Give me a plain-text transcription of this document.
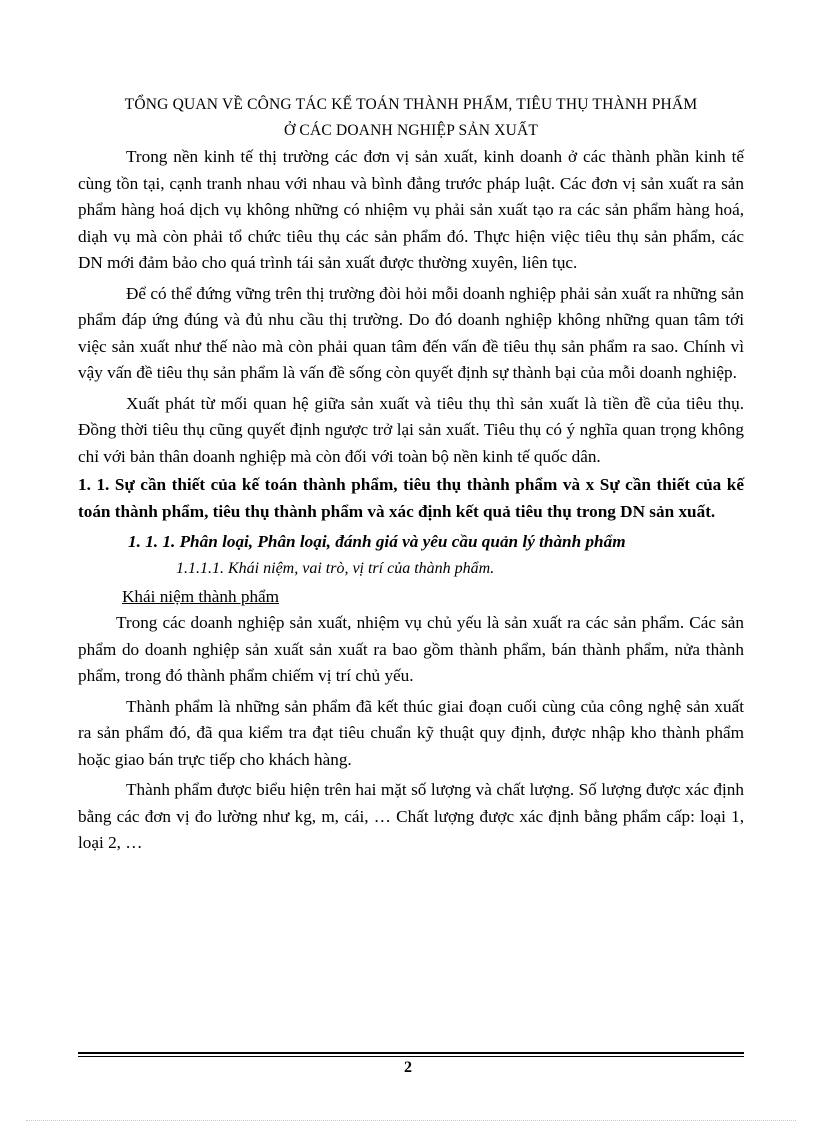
TỔNG QUAN VỀ CÔNG TÁC KẾ TOÁN THÀNH PHẨM, TIÊU THỤ THÀNH PHẨM

Ở CÁC DOANH NGHIỆP SẢN XUẤT

Trong nền kinh tế thị trường các đơn vị sản xuất, kinh doanh ở các thành phần kinh tế cùng tồn tại, cạnh tranh nhau với nhau và bình đẳng trước pháp luật. Các đơn vị sản xuất ra sản phẩm hàng hoá dịch vụ không những có nhiệm vụ phải sản xuất tạo ra các sản phẩm hàng hoá, diạh vụ mà còn phải tổ chức tiêu thụ các sản phẩm đó. Thực hiện việc tiêu thụ sản phẩm, các DN mới đảm bảo cho quá trình tái sản xuất được thường xuyên, liên tục.

Để có thể đứng vững trên thị trường đòi hỏi mỗi doanh nghiệp phải sản xuất ra những sản phẩm đáp ứng đúng và đủ nhu cầu thị trường. Do đó doanh nghiệp không những quan tâm tới việc sản xuất như thế nào mà còn phải quan tâm đến vấn đề tiêu thụ sản phẩm ra sao. Chính vì vậy vấn đề tiêu thụ sản phẩm là vấn đề sống còn quyết định sự thành bại của mỗi doanh nghiệp.

Xuất phát từ mối quan hệ giữa sản xuất và tiêu thụ thì sản xuất là tiền đề của tiêu thụ. Đồng thời tiêu thụ cũng quyết định ngược trở lại sản xuất. Tiêu thụ có ý nghĩa quan trọng không chỉ với bản thân doanh nghiệp mà còn đối với toàn bộ nền kinh tế quốc dân.

1. 1. Sự cần thiết của kế toán thành phẩm, tiêu thụ thành phẩm và x Sự cần thiết của kế toán thành phẩm, tiêu thụ thành phẩm và xác định kết quả tiêu thụ trong DN sản xuất.

1. 1. 1. Phân loại, Phân loại, đánh giá và yêu cầu quản lý thành phẩm

1.1.1.1. Khái niệm, vai trò, vị trí của thành phẩm.

Khái niệm thành phẩm

Trong các doanh nghiệp sản xuất, nhiệm vụ chủ yếu là sản xuất ra các sản phẩm. Các sản phẩm do doanh nghiệp sản xuất sản xuất ra bao gồm thành phẩm, bán thành phẩm, nửa thành phẩm, trong đó thành phẩm chiếm vị trí chủ yếu.

Thành phẩm là những sản phẩm đã kết thúc giai đoạn cuối cùng của công nghệ sản xuất ra sản phẩm đó, đã qua kiểm tra đạt tiêu chuẩn kỹ thuật quy định, được nhập kho thành phẩm hoặc giao bán trực tiếp cho khách hàng.

Thành phẩm được biểu hiện trên hai mặt số lượng và chất lượng. Số lượng được xác định bằng các đơn vị đo lường như kg, m, cái, … Chất lượng được xác định bằng phẩm cấp: loại 1, loại 2, …

2
